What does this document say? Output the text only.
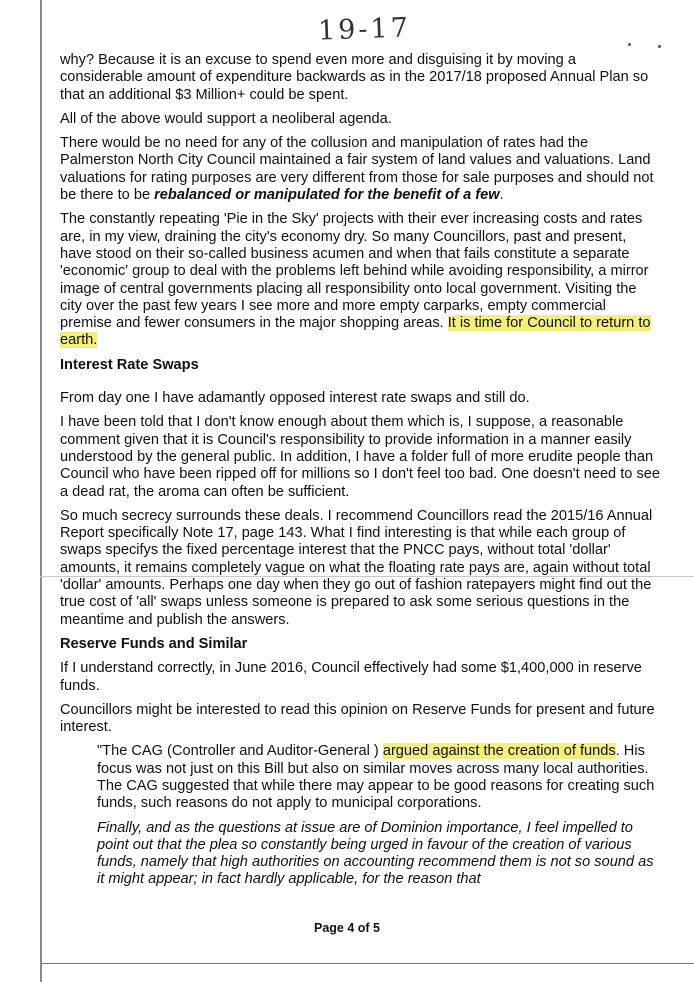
19-17

why? Because it is an excuse to spend even more and disguising it by moving a considerable amount of expenditure backwards as in the 2017/18 proposed Annual Plan so that an additional $3 Million+ could be spent.

All of the above would support a neoliberal agenda.

There would be no need for any of the collusion and manipulation of rates had the Palmerston North City Council maintained a fair system of land values and valuations. Land valuations for rating purposes are very different from those for sale purposes and should not be there to be rebalanced or manipulated for the benefit of a few.

The constantly repeating 'Pie in the Sky' projects with their ever increasing costs and rates are, in my view, draining the city's economy dry. So many Councillors, past and present, have stood on their so-called business acumen and when that fails constitute a separate 'economic' group to deal with the problems left behind while avoiding responsibility, a mirror image of central governments placing all responsibility onto local government. Visiting the city over the past few years I see more and more empty carparks, empty commercial premise and fewer consumers in the major shopping areas. It is time for Council to return to earth.

Interest Rate Swaps

From day one I have adamantly opposed interest rate swaps and still do.

I have been told that I don't know enough about them which is, I suppose, a reasonable comment given that it is Council's responsibility to provide information in a manner easily understood by the general public. In addition, I have a folder full of more erudite people than Council who have been ripped off for millions so I don't feel too bad. One doesn't need to see a dead rat, the aroma can often be sufficient.

So much secrecy surrounds these deals. I recommend Councillors read the 2015/16 Annual Report specifically Note 17, page 143. What I find interesting is that while each group of swaps specifys the fixed percentage interest that the PNCC pays, without total 'dollar' amounts, it remains completely vague on what the floating rate pays are, again without total 'dollar' amounts. Perhaps one day when they go out of fashion ratepayers might find out the true cost of 'all' swaps unless someone is prepared to ask some serious questions in the meantime and publish the answers.

Reserve Funds and Similar

If I understand correctly, in June 2016, Council effectively had some $1,400,000 in reserve funds.

Councillors might be interested to read this opinion on Reserve Funds for present and future interest.

"The CAG (Controller and Auditor-General ) argued against the creation of funds. His focus was not just on this Bill but also on similar moves across many local authorities. The CAG suggested that while there may appear to be good reasons for creating such funds, such reasons do not apply to municipal corporations.

Finally, and as the questions at issue are of Dominion importance, I feel impelled to point out that the plea so constantly being urged in favour of the creation of various funds, namely that high authorities on accounting recommend them is not so sound as it might appear; in fact hardly applicable, for the reason that

Page 4 of 5
